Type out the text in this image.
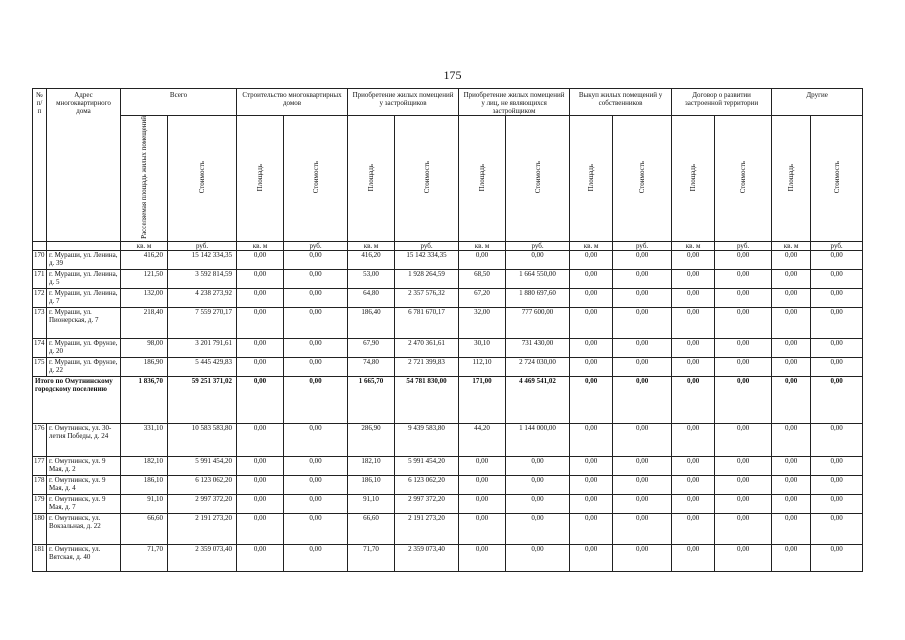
175
№ п/п	Адрес многоквартирного дома	Всего		Строительство многоквартирных домов		Приобретение жилых помещений у застройщиков		Приобретение жилых помещений у лиц, не являющихся застройщиком		Выкуп жилых помещений у собственников		Договор о развитии застроенной территории		Другие	
		Расселяемая площадь жилых помещений	Стоимость	Площадь	Стоимость	Площадь	Стоимость	Площадь	Стоимость	Площадь	Стоимость	Площадь	Стоимость	Площадь	Стоимость
		кв. м	руб.	кв. м	руб.	кв. м	руб.	кв. м	руб.	кв. м	руб.	кв. м	руб.	кв. м	руб.
170	г. Мураши, ул. Ленина, д. 39	416,20	15 142 334,35	0,00	0,00	416,20	15 142 334,35	0,00	0,00	0,00	0,00	0,00	0,00	0,00	0,00
171	г. Мураши, ул. Ленина, д. 5	121,50	3 592 814,59	0,00	0,00	53,00	1 928 264,59	68,50	1 664 550,00	0,00	0,00	0,00	0,00	0,00	0,00
172	г. Мураши, ул. Ленина, д. 7	132,00	4 238 273,92	0,00	0,00	64,80	2 357 576,32	67,20	1 880 697,60	0,00	0,00	0,00	0,00	0,00	0,00
173	г. Мураши, ул. Пионерская, д. 7	218,40	7 559 270,17	0,00	0,00	186,40	6 781 670,17	32,00	777 600,00	0,00	0,00	0,00	0,00	0,00	0,00
174	г. Мураши, ул. Фрунзе, д. 20	98,00	3 201 791,61	0,00	0,00	67,90	2 470 361,61	30,10	731 430,00	0,00	0,00	0,00	0,00	0,00	0,00
175	г. Мураши, ул. Фрунзе, д. 22	186,90	5 445 429,83	0,00	0,00	74,80	2 721 399,83	112,10	2 724 030,00	0,00	0,00	0,00	0,00	0,00	0,00
Итого по Омутнинскому городскому поселению		1 836,70	59 251 371,02	0,00	0,00	1 665,70	54 781 830,00	171,00	4 469 541,02	0,00	0,00	0,00	0,00	0,00	0,00
176	г. Омутнинск, ул. 30-летия Победы, д. 24	331,10	10 583 583,80	0,00	0,00	286,90	9 439 583,80	44,20	1 144 000,00	0,00	0,00	0,00	0,00	0,00	0,00
177	г. Омутнинск, ул. 9 Мая, д. 2	182,10	5 991 454,20	0,00	0,00	182,10	5 991 454,20	0,00	0,00	0,00	0,00	0,00	0,00	0,00	0,00
178	г. Омутнинск, ул. 9 Мая, д. 4	186,10	6 123 062,20	0,00	0,00	186,10	6 123 062,20	0,00	0,00	0,00	0,00	0,00	0,00	0,00	0,00
179	г. Омутнинск, ул. 9 Мая, д. 7	91,10	2 997 372,20	0,00	0,00	91,10	2 997 372,20	0,00	0,00	0,00	0,00	0,00	0,00	0,00	0,00
180	г. Омутнинск, ул. Вокзальная, д. 22	66,60	2 191 273,20	0,00	0,00	66,60	2 191 273,20	0,00	0,00	0,00	0,00	0,00	0,00	0,00	0,00
181	г. Омутнинск, ул. Вятская, д. 40	71,70	2 359 073,40	0,00	0,00	71,70	2 359 073,40	0,00	0,00	0,00	0,00	0,00	0,00	0,00	0,00
